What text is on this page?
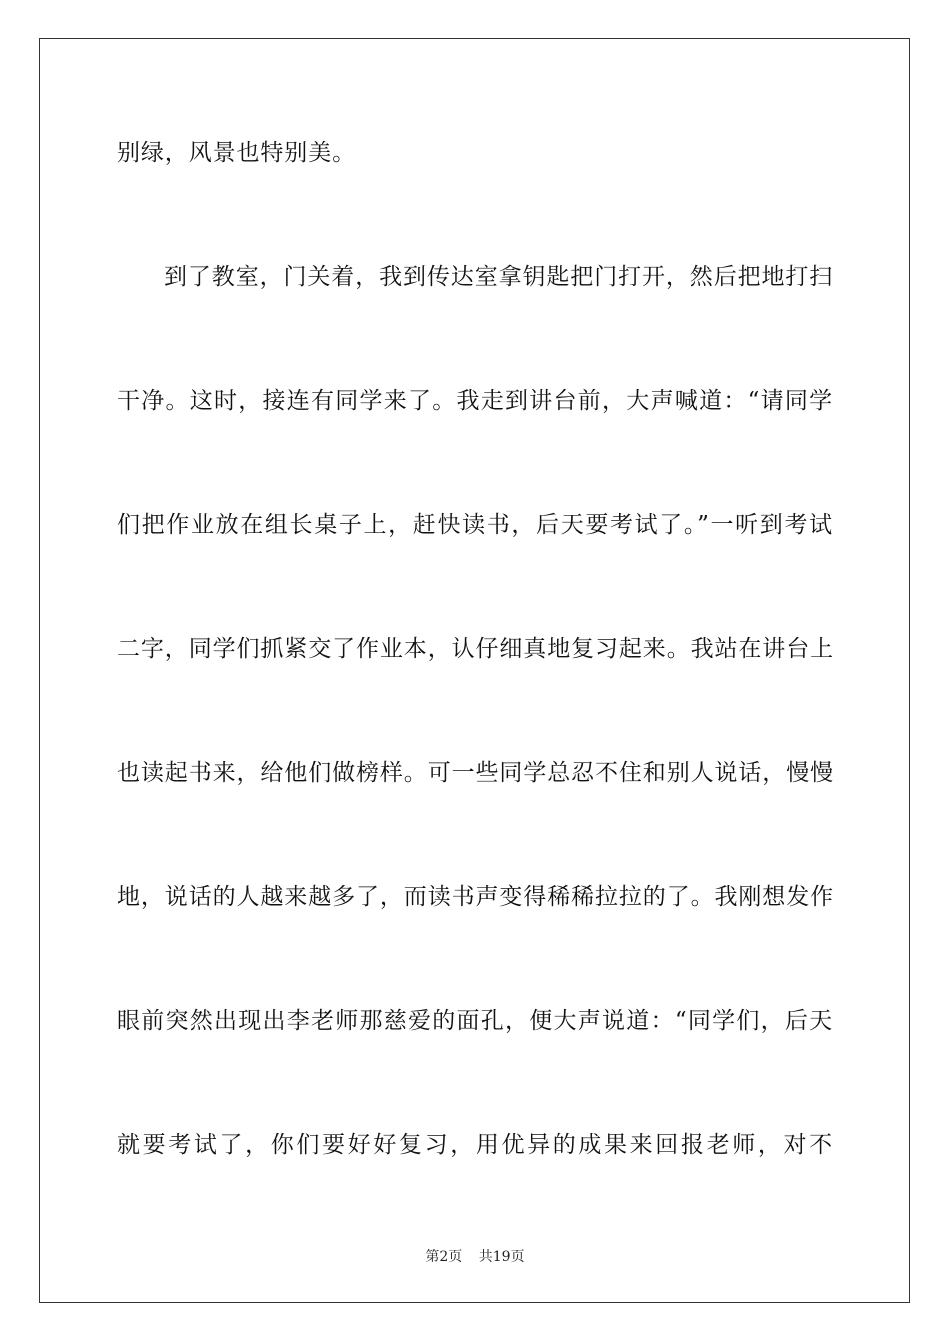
别绿，风景也特别美。
到了教室，门关着，我到传达室拿钥匙把门打开，然后把地打扫
干净。这时，接连有同学来了。我走到讲台前，大声喊道：“请同学
们把作业放在组长桌子上，赶快读书，后天要考试了。”一听到考试
二字，同学们抓紧交了作业本，认仔细真地复习起来。我站在讲台上
也读起书来，给他们做榜样。可一些同学总忍不住和别人说话，慢慢
地，说话的人越来越多了，而读书声变得稀稀拉拉的了。我刚想发作
眼前突然出现出李老师那慈爱的面孔，便大声说道：“同学们，后天
就要考试了，你们要好好复习，用优异的成果来回报老师，对不
第2页 共19页
